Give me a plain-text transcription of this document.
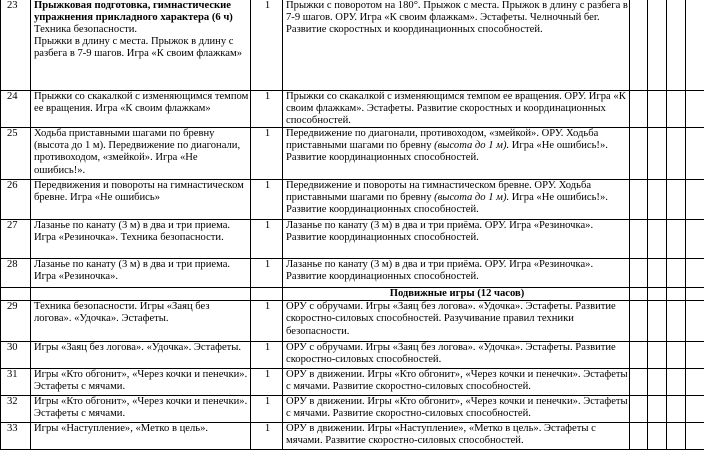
23	Прыжковая подготовка, гимнастические упражнения прикладного характера (6 ч)
Техника безопасности.
Прыжки в длину с места. Прыжок в длину с разбега в 7-9 шагов. Игра «К своим флажкам»	1	Прыжки с поворотом на 180°. Прыжок с места. Прыжок в длину с разбега в 7-9 шагов. ОРУ. Игра «К своим флажкам». Эстафеты. Челночный бег. Развитие скоростных и координационных способностей.				
24	Прыжки со скакалкой с изменяющимся темпом ее вращения. Игра «К своим флажкам»	1	Прыжки со скакалкой с изменяющимся темпом ее вращения. ОРУ. Игра «К своим флажкам». Эстафеты. Развитие скоростных и координационных способностей.				
25	Ходьба приставными шагами по бревну (высота до 1 м). Передвижение по диагонали, противоходом, «змейкой». Игра «Не ошибись!».	1	Передвижение по диагонали, противоходом, «змейкой». ОРУ. Ходьба приставными шагами по бревну (высота до 1 м). Игра «Не ошибись!». Развитие координационных способностей.				
26	Передвижения и повороты на гимнастическом бревне. Игра «Не ошибись»	1	Передвижение и повороты на гимнастическом бревне. ОРУ. Ходьба приставными шагами по бревну (высота до 1 м). Игра «Не ошибись!». Развитие координационных способностей.				
27	Лазанье по канату (3 м) в два и три приема. Игра «Резиночка». Техника безопасности.	1	Лазанье по канату (3 м) в два и три приёма. ОРУ. Игра «Резиночка». Развитие координационных способностей.				
28	Лазанье по канату (3 м) в два и три приема. Игра «Резиночка».	1	Лазанье по канату (3 м) в два и три приёма. ОРУ. Игра «Резиночка». Развитие координационных способностей.				
			Подвижные игры (12 часов)				
29	Техника безопасности. Игры «Заяц без логова». «Удочка». Эстафеты.	1	ОРУ с обручами. Игры «Заяц без логова». «Удочка». Эстафеты. Развитие скоростно-силовых способностей. Разучивание правил техники безопасности.				
30	Игры «Заяц без логова». «Удочка». Эстафеты.	1	ОРУ с обручами. Игры «Заяц без логова». «Удочка». Эстафеты. Развитие скоростно-силовых способностей.				
31	Игры «Кто обгонит», «Через кочки и пенечки». Эстафеты с мячами.	1	ОРУ в движении. Игры «Кто обгонит», «Через кочки и пенечки». Эстафеты с мячами. Развитие скоростно-силовых способностей.				
32	Игры «Кто обгонит», «Через кочки и пенечки». Эстафеты с мячами.	1	ОРУ в движении. Игры «Кто обгонит», «Через кочки и пенечки». Эстафеты с мячами. Развитие скоростно-силовых способностей.				
33	Игры «Наступление», «Метко в цель».	1	ОРУ в движении. Игры «Наступление», «Метко в цель». Эстафеты с мячами. Развитие скоростно-силовых способностей.				
